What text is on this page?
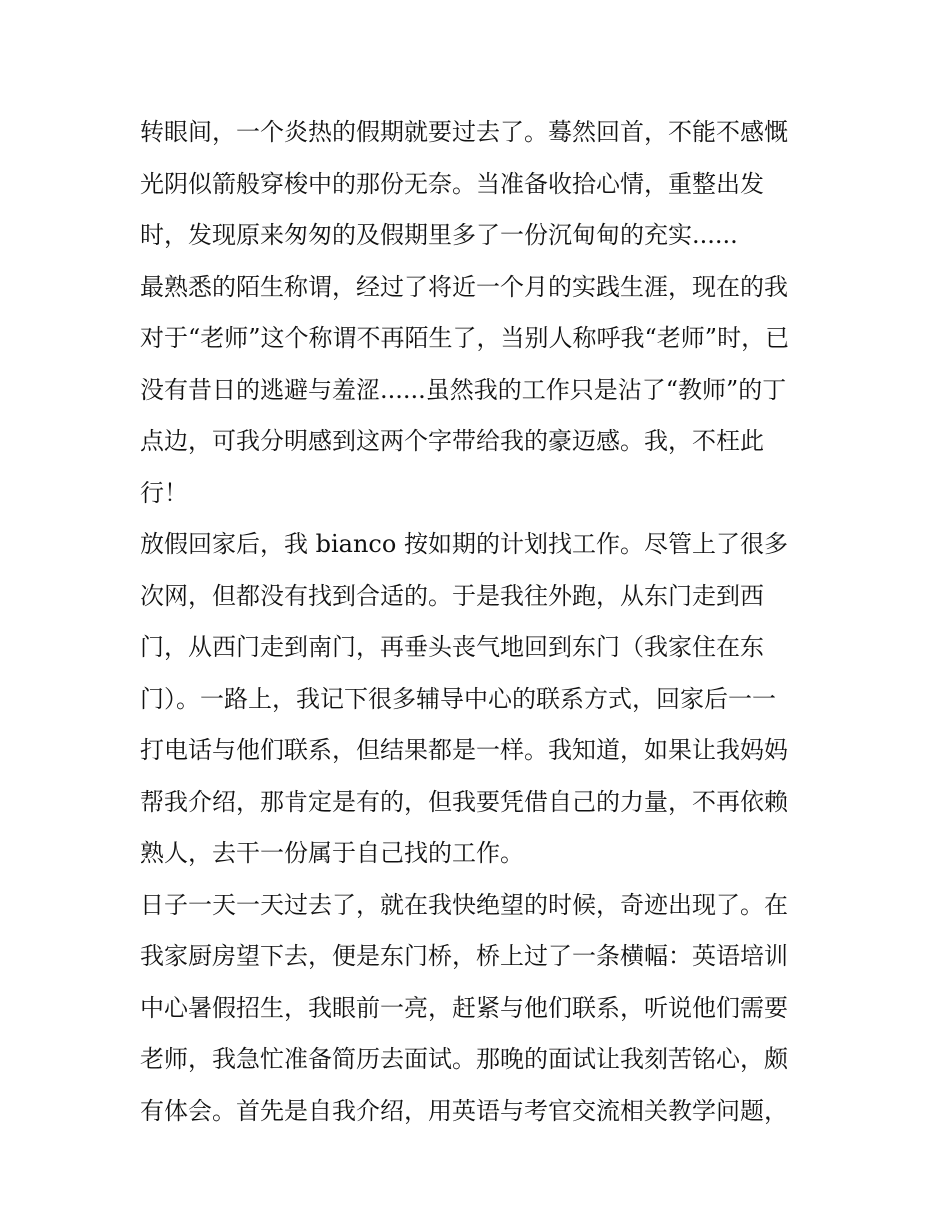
转眼间，一个炎热的假期就要过去了。蓦然回首，不能不感慨
光阴似箭般穿梭中的那份无奈。当准备收拾心情，重整出发
时，发现原来匆匆的及假期里多了一份沉甸甸的充实......
最熟悉的陌生称谓，经过了将近一个月的实践生涯，现在的我
对于“老师”这个称谓不再陌生了，当别人称呼我“老师”时，已
没有昔日的逃避与羞涩......虽然我的工作只是沾了“教师”的丁
点边，可我分明感到这两个字带给我的豪迈感。我，不枉此
行！
放假回家后，我 bianco 按如期的计划找工作。尽管上了很多
次网，但都没有找到合适的。于是我往外跑，从东门走到西
门，从西门走到南门，再垂头丧气地回到东门（我家住在东
门）。一路上，我记下很多辅导中心的联系方式，回家后一一
打电话与他们联系，但结果都是一样。我知道，如果让我妈妈
帮我介绍，那肯定是有的，但我要凭借自己的力量，不再依赖
熟人，去干一份属于自己找的工作。
日子一天一天过去了，就在我快绝望的时候，奇迹出现了。在
我家厨房望下去，便是东门桥，桥上过了一条横幅：英语培训
中心暑假招生，我眼前一亮，赶紧与他们联系，听说他们需要
老师，我急忙准备简历去面试。那晚的面试让我刻苦铭心，颇
有体会。首先是自我介绍，用英语与考官交流相关教学问题，
